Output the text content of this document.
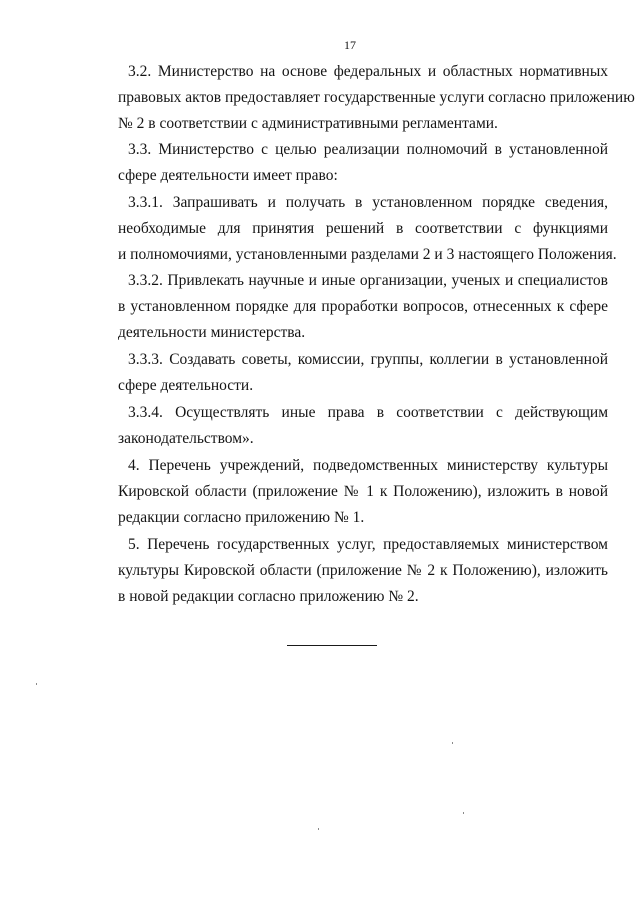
17
3.2. Министерство на основе федеральных и областных нормативных
правовых актов предоставляет государственные услуги согласно приложению
№ 2 в соответствии с административными регламентами.
3.3. Министерство с целью реализации полномочий в установленной
сфере деятельности имеет право:
3.3.1. Запрашивать и получать в установленном порядке сведения,
необходимые для принятия решений в соответствии с функциями
и полномочиями, установленными разделами 2 и 3 настоящего Положения.
3.3.2. Привлекать научные и иные организации, ученых и специалистов
в установленном порядке для проработки вопросов, отнесенных к сфере
деятельности министерства.
3.3.3. Создавать советы, комиссии, группы, коллегии в установленной
сфере деятельности.
3.3.4. Осуществлять иные права в соответствии с действующим
законодательством».
4. Перечень учреждений, подведомственных министерству культуры
Кировской области (приложение № 1 к Положению), изложить в новой
редакции согласно приложению № 1.
5. Перечень государственных услуг, предоставляемых министерством
культуры Кировской области (приложение № 2 к Положению), изложить
в новой редакции согласно приложению № 2.
